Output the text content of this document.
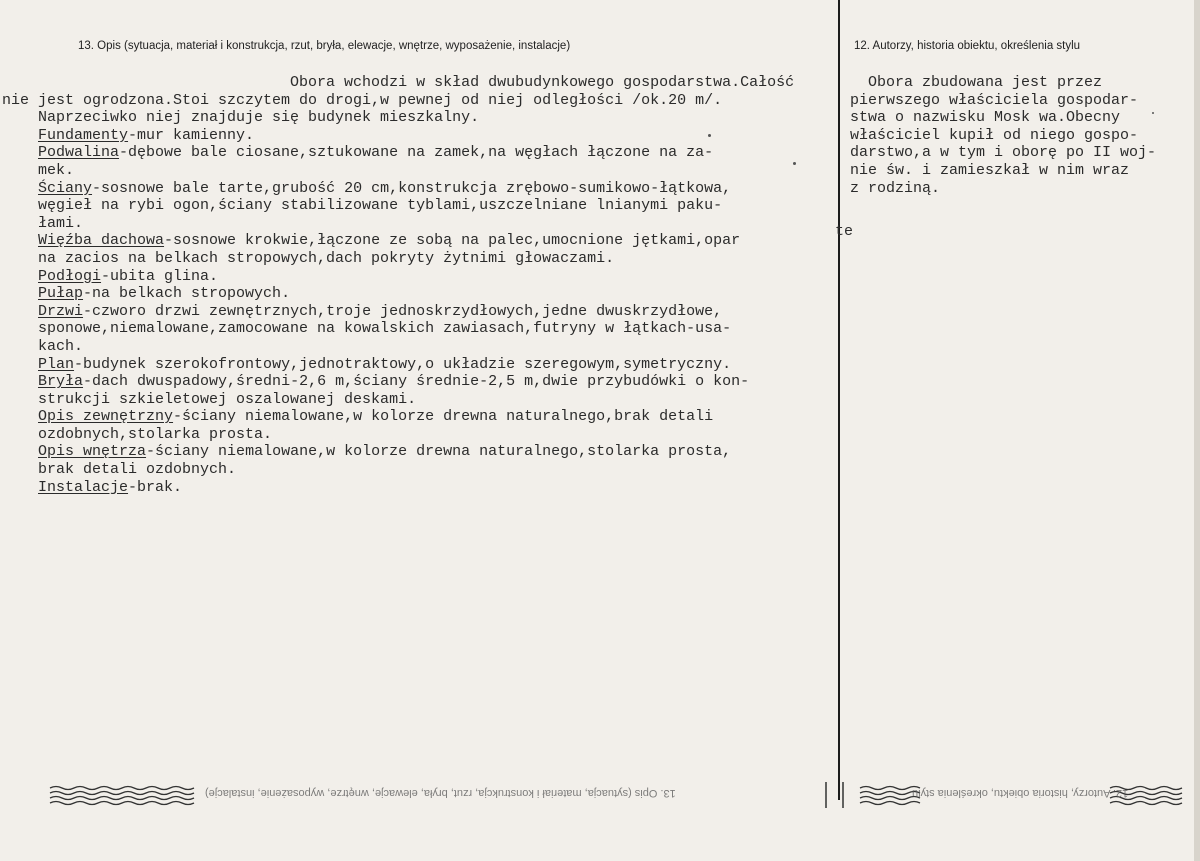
13. Opis (sytuacja, materiał i konstrukcja, rzut, bryła, elewacje, wnętrze, wyposażenie, instalacje)	12. Autorzy, historia obiektu, określenia stylu
Obora wchodzi w skład dwubudynkowego gospodarstwa.Całość
nie jest ogrodzona.Stoi szczytem do drogi,w pewnej od niej odległości /ok.20 m/.
Naprzeciwko niej znajduje się budynek mieszkalny.
Fundamenty-mur kamienny.
Podwalina-dębowe bale ciosane,sztukowane na zamek,na węgłach łączone na za-
mek.
Ściany-sosnowe bale tarte,grubość 20 cm,konstrukcja zrębowo-sumikowo-łątkowa,
węgieł na rybi ogon,ściany stabilizowane tyblami,uszczelniane lnianymi paku-
łami.
Więźba dachowa-sosnowe krokwie,łączone ze sobą na palec,umocnione jętkami,opar
na zacios na belkach stropowych,dach pokryty żytnimi głowaczami.
Podłogi-ubita glina.
Pułap-na belkach stropowych.
Drzwi-czworo drzwi zewnętrznych,troje jednoskrzydłowych,jedne dwuskrzydłowe,
sponowe,niemalowane,zamocowane na kowalskich zawiasach,futryny w łątkach-usa-
kach.
Plan-budynek szerokofrontowy,jednotraktowy,o układzie szeregowym,symetryczny.
Bryła-dach dwuspadowy,średni-2,6 m,ściany średnie-2,5 m,dwie przybudówki o kon-
strukcji szkieletowej oszalowanej deskami.
Opis zewnętrzny-ściany niemalowane,w kolorze drewna naturalnego,brak detali
ozdobnych,stolarka prosta.
Opis wnętrza-ściany niemalowane,w kolorze drewna naturalnego,stolarka prosta,
brak detali ozdobnych.
Instalacje-brak.
Obora zbudowana jest przez
pierwszego właściciela gospodar-
stwa o nazwisku Mosk wa.Obecny
właściciel kupił od niego gospo-
darstwo,a w tym i oborę po II woj-
nie św. i zamieszkał w nim wraz
z rodziną.
te
13. Opis (sytuacja, materiał i konstrukcja, rzut, bryła, elewacje, wnętrze, wyposażenie, instalacje)	12. Autorzy, historia obiektu, określenia stylu
